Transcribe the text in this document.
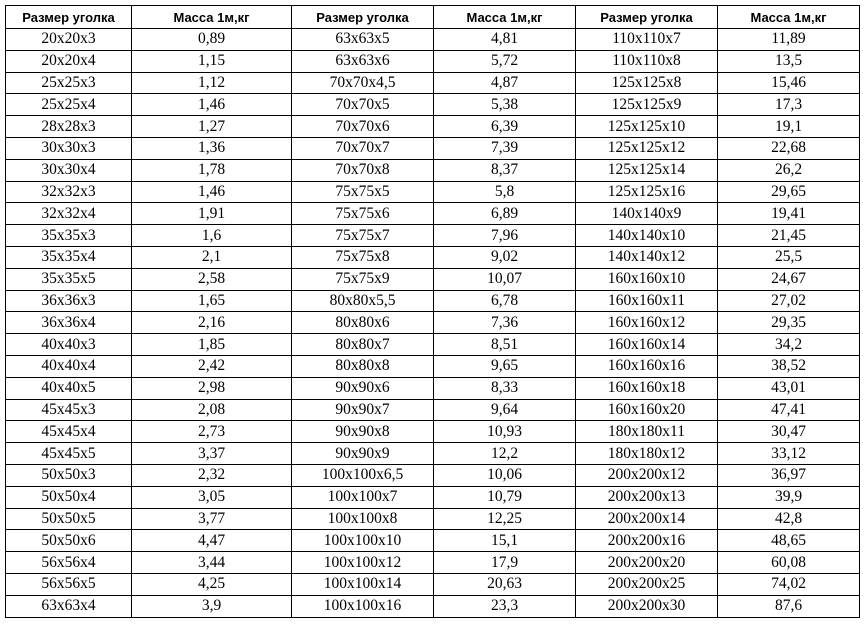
Размер уголка	Масса 1м,кг	Размер уголка	Масса 1м,кг	Размер уголка	Масса 1м,кг
20x20x3	0,89	63x63x5	4,81	110x110x7	11,89
20x20x4	1,15	63x63x6	5,72	110x110x8	13,5
25x25x3	1,12	70x70x4,5	4,87	125x125x8	15,46
25x25x4	1,46	70x70x5	5,38	125x125x9	17,3
28x28x3	1,27	70x70x6	6,39	125x125x10	19,1
30x30x3	1,36	70x70x7	7,39	125x125x12	22,68
30x30x4	1,78	70x70x8	8,37	125x125x14	26,2
32x32x3	1,46	75x75x5	5,8	125x125x16	29,65
32x32x4	1,91	75x75x6	6,89	140x140x9	19,41
35x35x3	1,6	75x75x7	7,96	140x140x10	21,45
35x35x4	2,1	75x75x8	9,02	140x140x12	25,5
35x35x5	2,58	75x75x9	10,07	160x160x10	24,67
36x36x3	1,65	80x80x5,5	6,78	160x160x11	27,02
36x36x4	2,16	80x80x6	7,36	160x160x12	29,35
40x40x3	1,85	80x80x7	8,51	160x160x14	34,2
40x40x4	2,42	80x80x8	9,65	160x160x16	38,52
40x40x5	2,98	90x90x6	8,33	160x160x18	43,01
45x45x3	2,08	90x90x7	9,64	160x160x20	47,41
45x45x4	2,73	90x90x8	10,93	180x180x11	30,47
45x45x5	3,37	90x90x9	12,2	180x180x12	33,12
50x50x3	2,32	100x100x6,5	10,06	200x200x12	36,97
50x50x4	3,05	100x100x7	10,79	200x200x13	39,9
50x50x5	3,77	100x100x8	12,25	200x200x14	42,8
50x50x6	4,47	100x100x10	15,1	200x200x16	48,65
56x56x4	3,44	100x100x12	17,9	200x200x20	60,08
56x56x5	4,25	100x100x14	20,63	200x200x25	74,02
63x63x4	3,9	100x100x16	23,3	200x200x30	87,6
